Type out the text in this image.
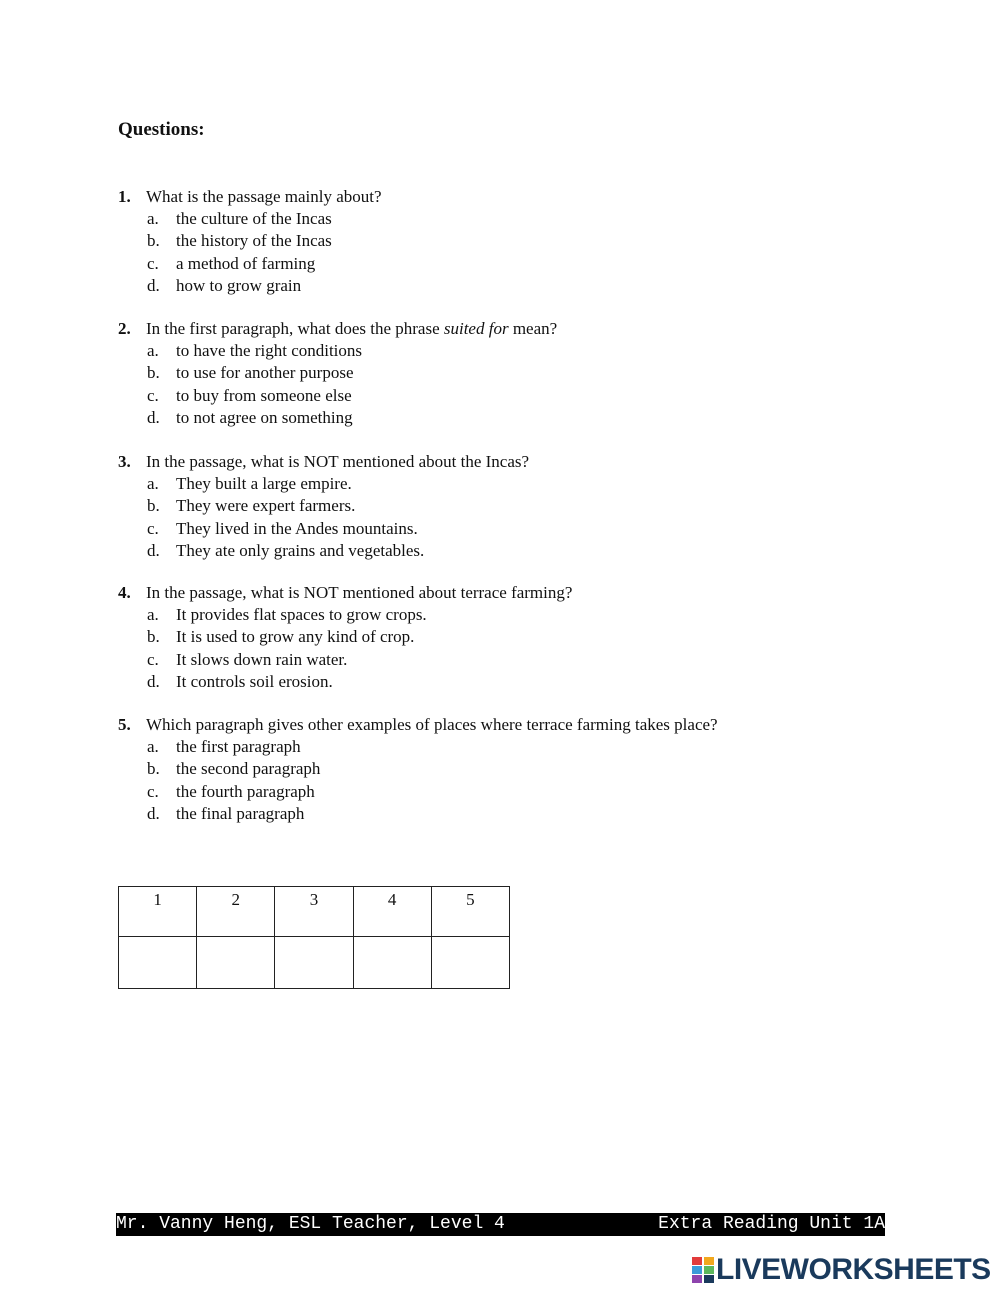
Questions:
1. What is the passage mainly about?
a. the culture of the Incas
b. the history of the Incas
c. a method of farming
d. how to grow grain
2. In the first paragraph, what does the phrase suited for mean?
a. to have the right conditions
b. to use for another purpose
c. to buy from someone else
d. to not agree on something
3. In the passage, what is NOT mentioned about the Incas?
a. They built a large empire.
b. They were expert farmers.
c. They lived in the Andes mountains.
d. They ate only grains and vegetables.
4. In the passage, what is NOT mentioned about terrace farming?
a. It provides flat spaces to grow crops.
b. It is used to grow any kind of crop.
c. It slows down rain water.
d. It controls soil erosion.
5. Which paragraph gives other examples of places where terrace farming takes place?
a. the first paragraph
b. the second paragraph
c. the fourth paragraph
d. the final paragraph
1	2	3	4	5

Mr. Vanny Heng, ESL Teacher, Level 4	Extra Reading Unit 1A
LIVEWORKSHEETS
